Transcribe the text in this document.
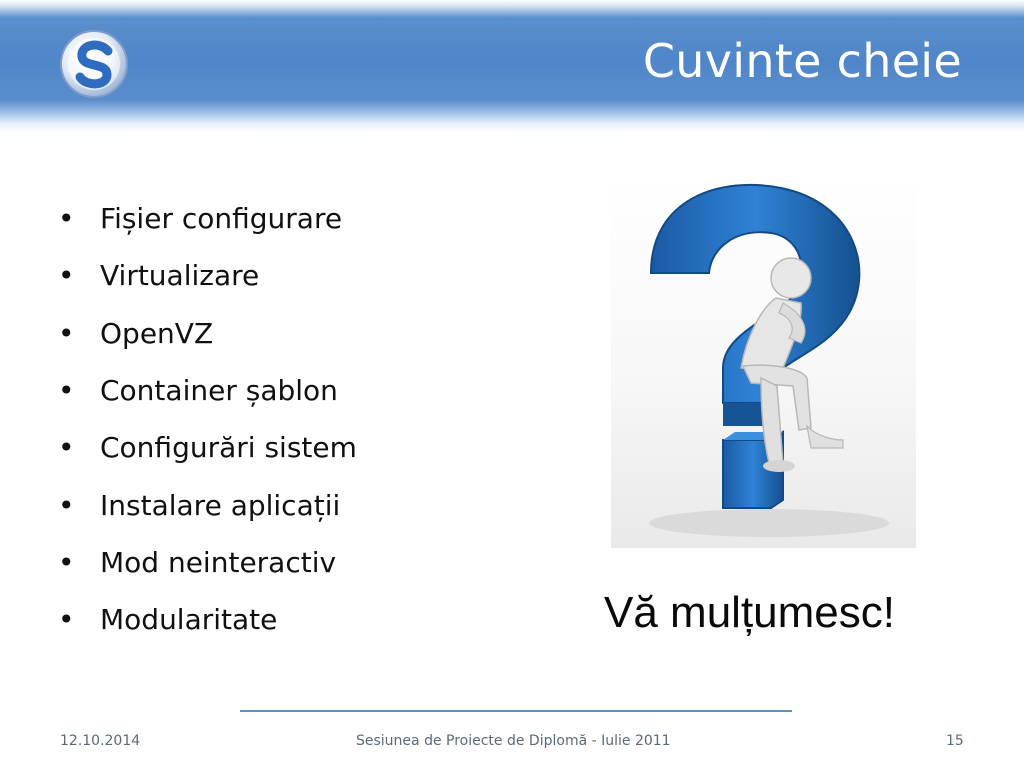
Cuvinte cheie
• Fișier configurare
• Virtualizare
• OpenVZ
• Container șablon
• Configurări sistem
• Instalare aplicații
• Mod neinteractiv
• Modularitate	Vă mulțumesc!
12.10.2014	Sesiunea de Proiecte de Diplomă - Iulie 2011	15
